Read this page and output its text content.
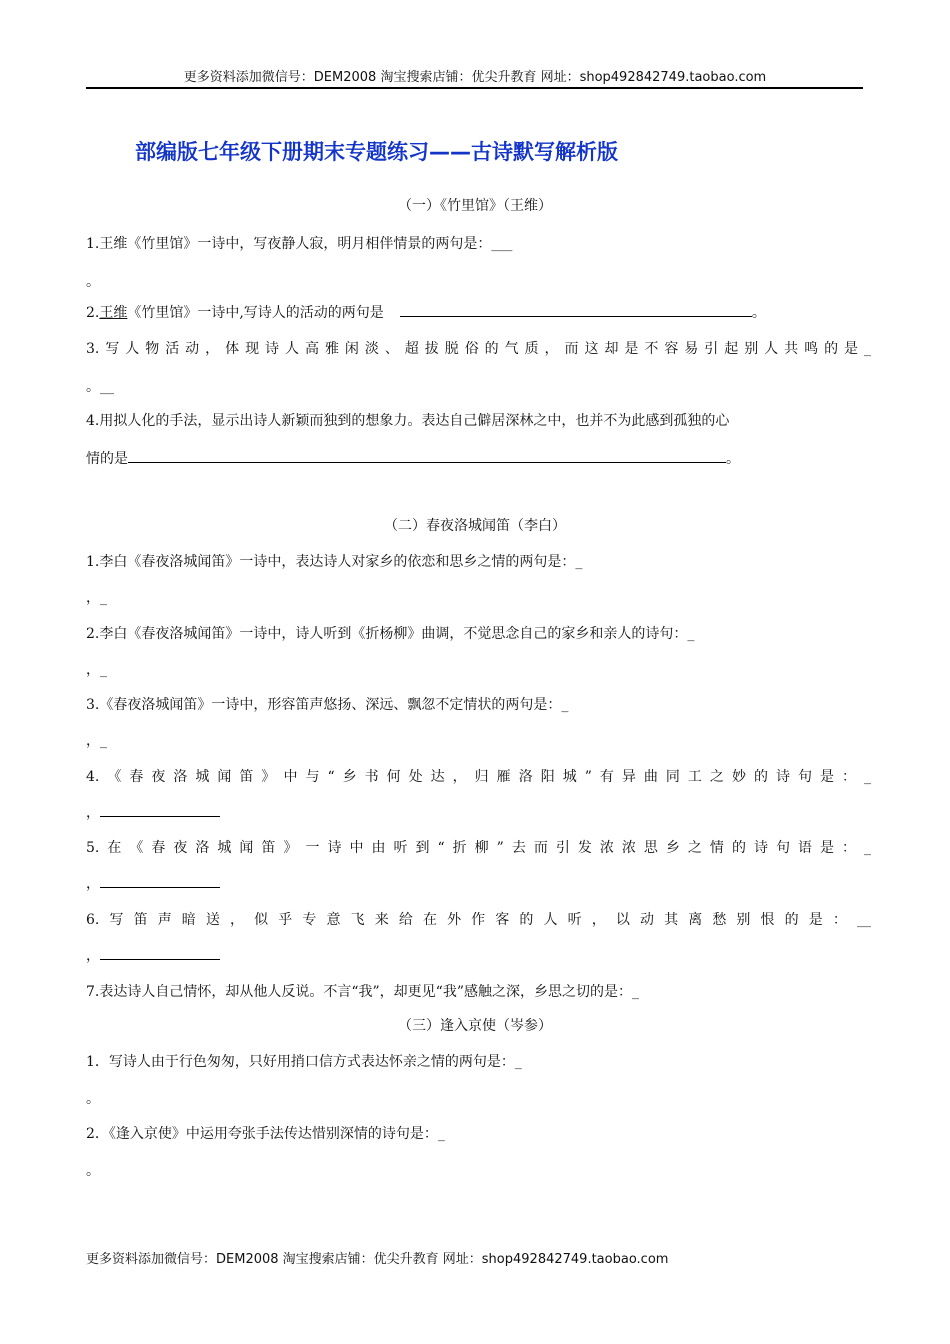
更多资料添加微信号：DEM2008 淘宝搜索店铺：优尖升教育 网址：shop492842749.taobao.com
部编版七年级下册期末专题练习——古诗默写解析版
（一）《竹里馆》（王维）
1.王维《竹里馆》一诗中，写夜静人寂，明月相伴情景的两句是：___
。
2.王维《竹里馆》一诗中,写诗人的活动的两句是	。
3.写人物活动，体现诗人高雅闲淡、超拔脱俗的气质，而这却是不容易引起别人共鸣的是_
。__
4.用拟人化的手法，显示出诗人新颖而独到的想象力。表达自己僻居深林之中，也并不为此感到孤独的心
情的是	。
（二）春夜洛城闻笛（李白）
1.李白《春夜洛城闻笛》一诗中，表达诗人对家乡的依恋和思乡之情的两句是：_
，_
2.李白《春夜洛城闻笛》一诗中，诗人听到《折杨柳》曲调，不觉思念自己的家乡和亲人的诗句：_
，_
3.《春夜洛城闻笛》一诗中，形容笛声悠扬、深远、飘忽不定情状的两句是：_
，_
4.《春夜洛城闻笛》中与“乡书何处达，归雁洛阳城”有异曲同工之妙的诗句是：_
，
5.在《春夜洛城闻笛》一诗中由听到“折柳”去而引发浓浓思乡之情的诗句语是：_
，
6.写笛声暗送，似乎专意飞来给在外作客的人听，以动其离愁别恨的是：__
，
7.表达诗人自己情怀，却从他人反说。不言“我”，却更见“我”感触之深，乡思之切的是：_
（三）逢入京使（岑参）
1．写诗人由于行色匆匆，只好用捎口信方式表达怀亲之情的两句是：_
。
2．《逢入京使》中运用夸张手法传达惜别深情的诗句是：_
。
更多资料添加微信号：DEM2008 淘宝搜索店铺：优尖升教育 网址：shop492842749.taobao.com
